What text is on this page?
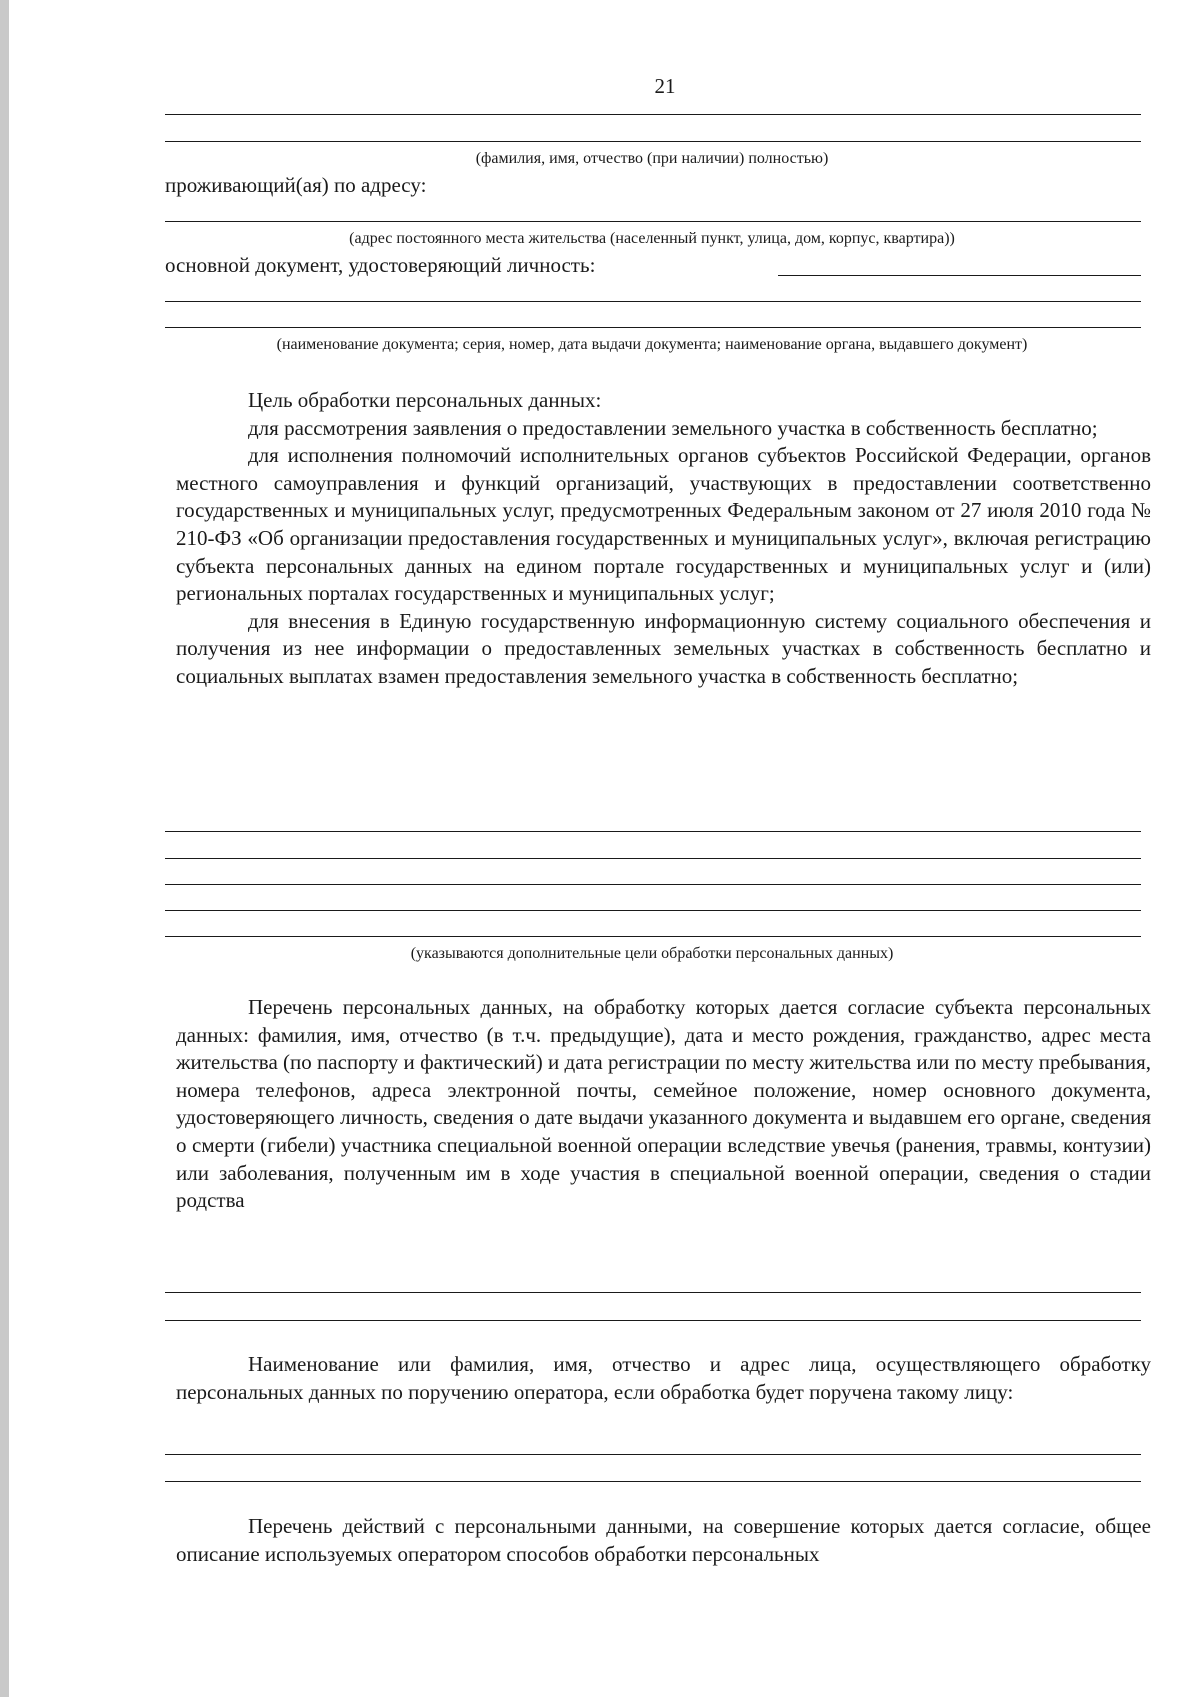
21
(фамилия, имя, отчество (при наличии) полностью)
проживающий(ая) по адресу:
(адрес постоянного места жительства (населенный пункт, улица, дом, корпус, квартира))
основной документ, удостоверяющий личность:
(наименование документа; серия, номер, дата выдачи документа; наименование органа, выдавшего документ)

Цель обработки персональных данных:

для рассмотрения заявления о предоставлении земельного участка в собственность бесплатно;

для исполнения полномочий исполнительных органов субъектов Российской Федерации, органов местного самоуправления и функций организаций, участвующих в предоставлении соответственно государственных и муниципальных услуг, предусмотренных Федеральным законом от 27 июля 2010 года № 210-ФЗ «Об организации предоставления государственных и муниципальных услуг», включая регистрацию субъекта персональных данных на едином портале государственных и муниципальных услуг и (или) региональных порталах государственных и муниципальных услуг;

для внесения в Единую государственную информационную систему социального обеспечения и получения из нее информации о предоставленных земельных участках в собственность бесплатно и социальных выплатах взамен предоставления земельного участка в собственность бесплатно;

(указываются дополнительные цели обработки персональных данных)

Перечень персональных данных, на обработку которых дается согласие субъекта персональных данных: фамилия, имя, отчество (в т.ч. предыдущие), дата и место рождения, гражданство, адрес места жительства (по паспорту и фактический) и дата регистрации по месту жительства или по месту пребывания, номера телефонов, адреса электронной почты, семейное положение, номер основного документа, удостоверяющего личность, сведения о дате выдачи указанного документа и выдавшем его органе, сведения о смерти (гибели) участника специальной военной операции вследствие увечья (ранения, травмы, контузии) или заболевания, полученным им в ходе участия в специальной военной операции, сведения о стадии родства

Наименование или фамилия, имя, отчество и адрес лица, осуществляющего обработку персональных данных по поручению оператора, если обработка будет поручена такому лицу:

Перечень действий с персональными данными, на совершение которых дается согласие, общее описание используемых оператором способов обработки персональных
